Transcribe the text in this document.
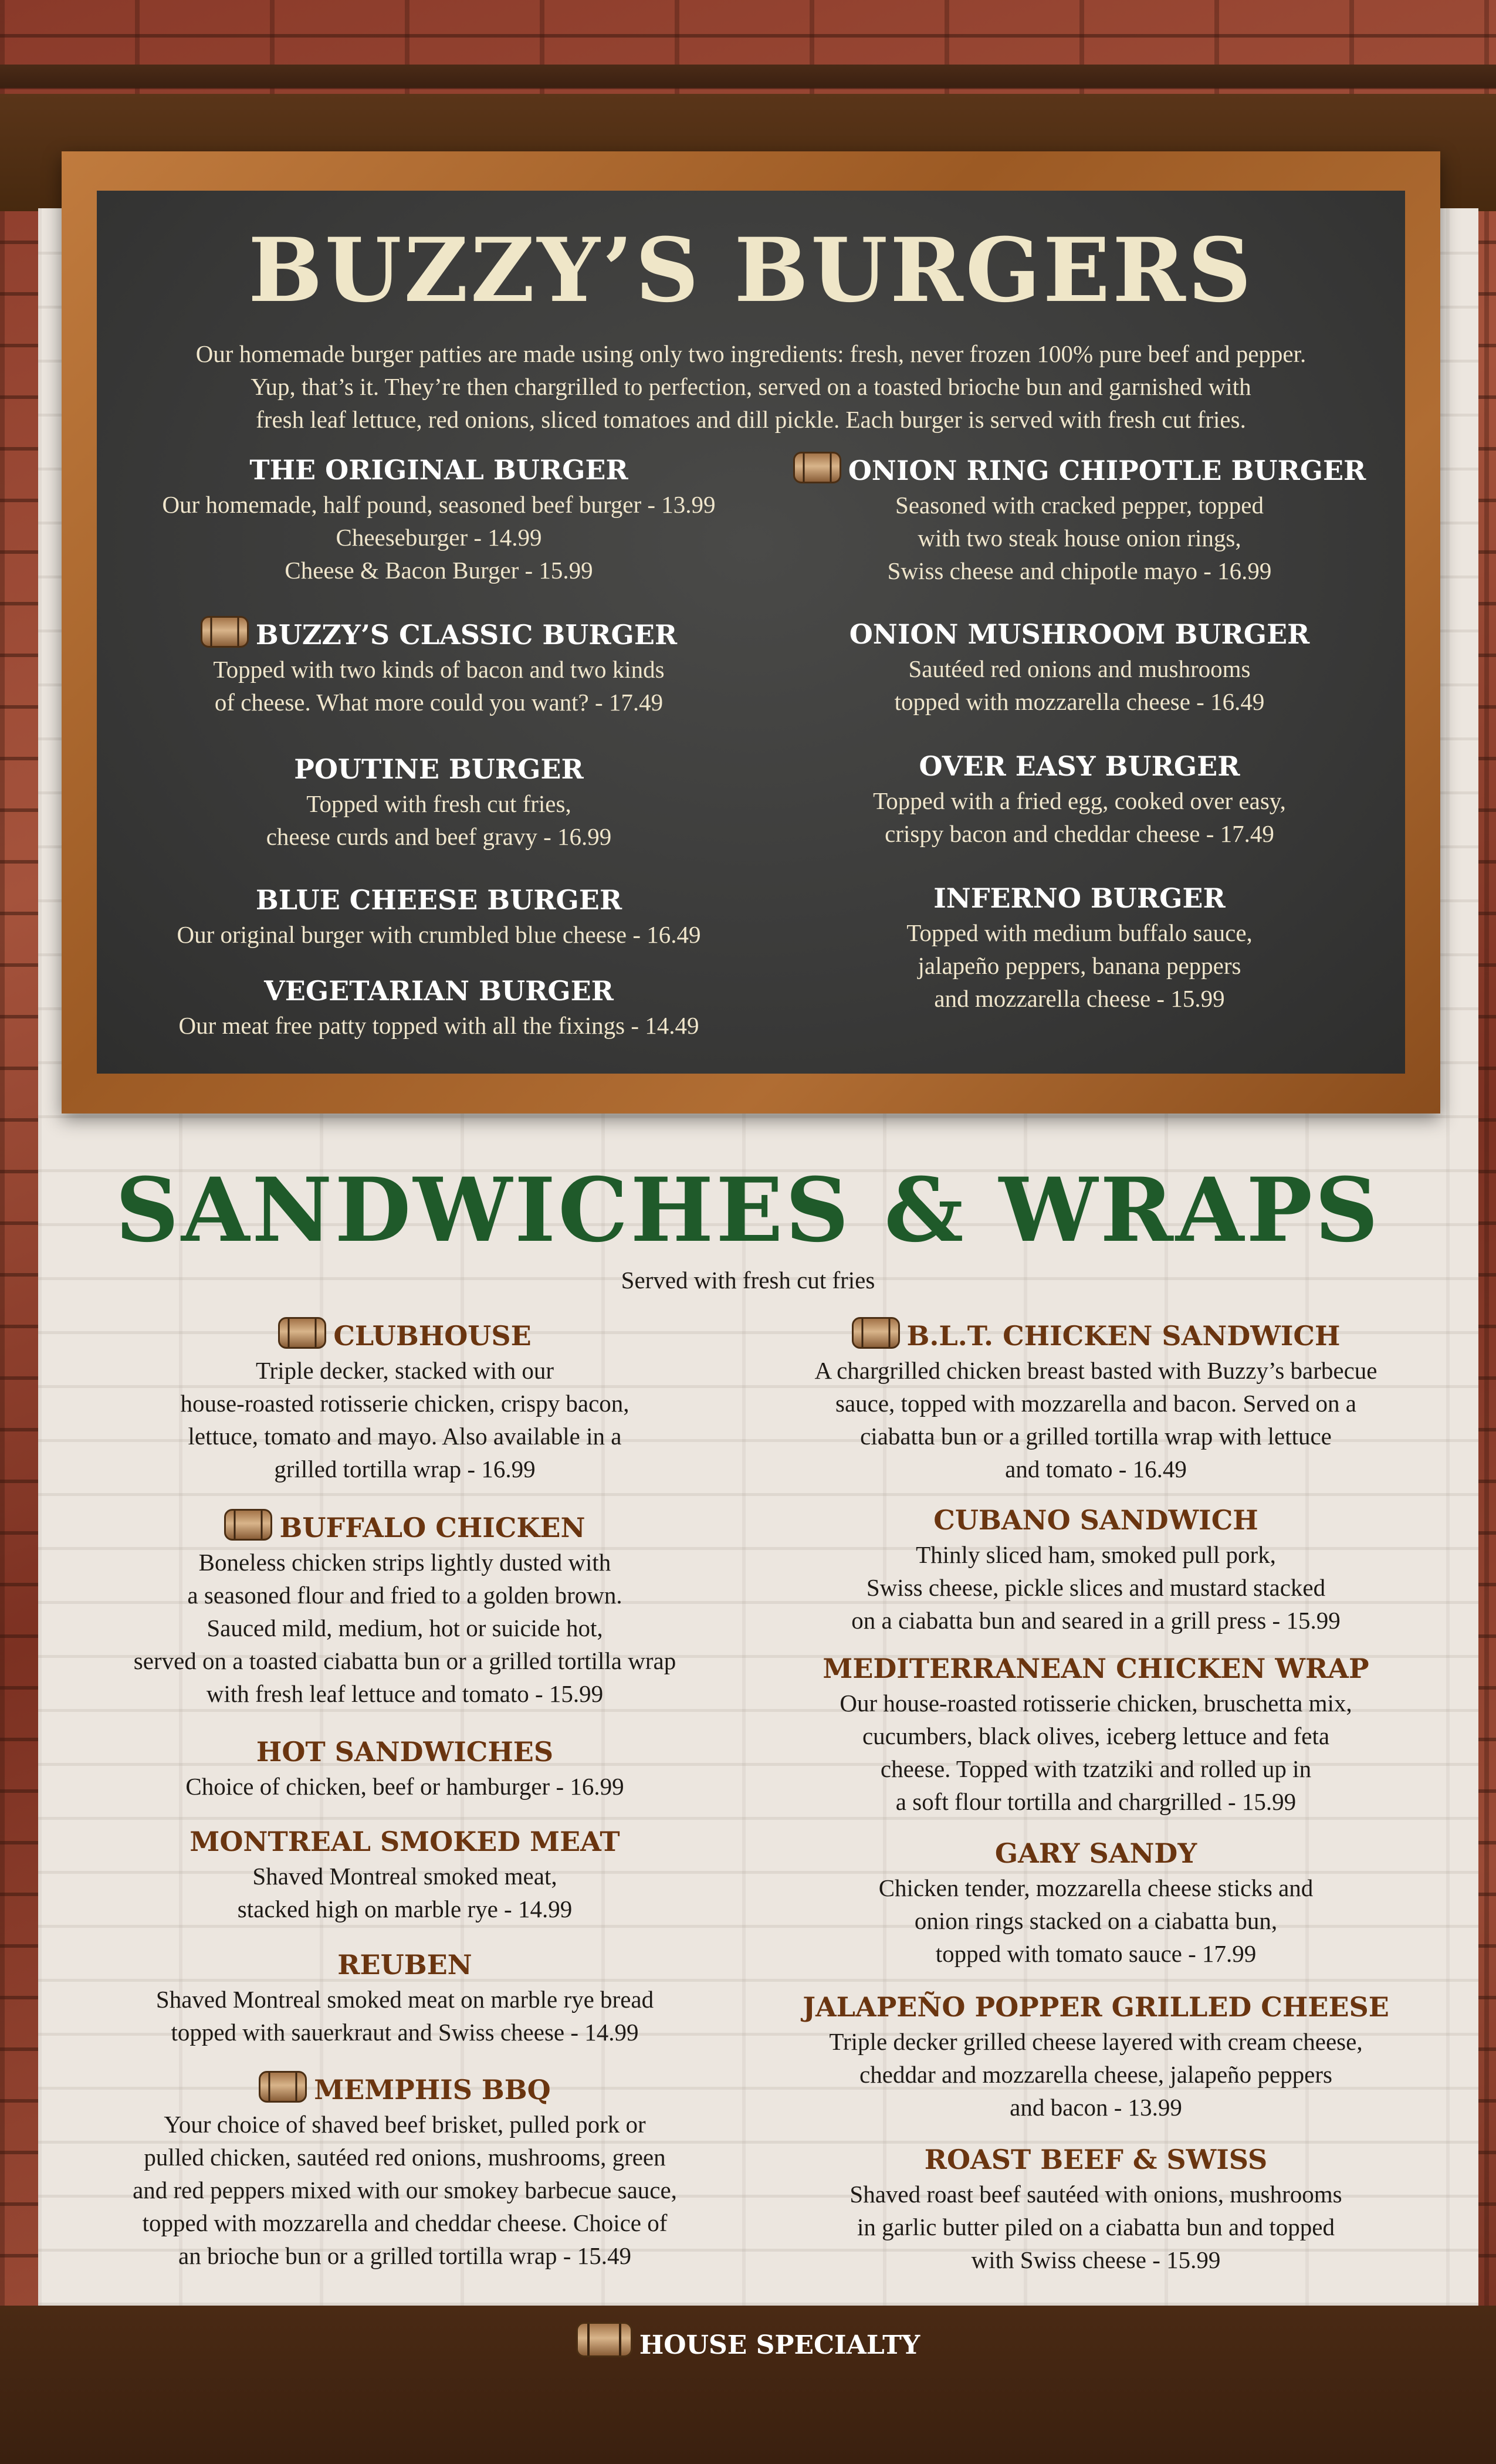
BUZZY’S BURGERS
Our homemade burger patties are made using only two ingredients: fresh, never frozen 100% pure beef and pepper.
Yup, that’s it. They’re then chargrilled to perfection, served on a toasted brioche bun and garnished with
fresh leaf lettuce, red onions, sliced tomatoes and dill pickle. Each burger is served with fresh cut fries.
THE ORIGINAL BURGER
Our homemade, half pound, seasoned beef burger - 13.99
Cheeseburger - 14.99
Cheese & Bacon Burger - 15.99
BUZZY’S CLASSIC BURGER
Topped with two kinds of bacon and two kinds
of cheese. What more could you want? - 17.49
POUTINE BURGER
Topped with fresh cut fries,
cheese curds and beef gravy - 16.99
BLUE CHEESE BURGER
Our original burger with crumbled blue cheese - 16.49
VEGETARIAN BURGER
Our meat free patty topped with all the fixings - 14.49
ONION RING CHIPOTLE BURGER
Seasoned with cracked pepper, topped
with two steak house onion rings,
Swiss cheese and chipotle mayo - 16.99
ONION MUSHROOM BURGER
Sautéed red onions and mushrooms
topped with mozzarella cheese - 16.49
OVER EASY BURGER
Topped with a fried egg, cooked over easy,
crispy bacon and cheddar cheese - 17.49
INFERNO BURGER
Topped with medium buffalo sauce,
jalapeño peppers, banana peppers
and mozzarella cheese - 15.99
SANDWICHES & WRAPS
Served with fresh cut fries
CLUBHOUSE
Triple decker, stacked with our
house-roasted rotisserie chicken, crispy bacon,
lettuce, tomato and mayo. Also available in a
grilled tortilla wrap - 16.99
BUFFALO CHICKEN
Boneless chicken strips lightly dusted with
a seasoned flour and fried to a golden brown.
Sauced mild, medium, hot or suicide hot,
served on a toasted ciabatta bun or a grilled tortilla wrap
with fresh leaf lettuce and tomato - 15.99
HOT SANDWICHES
Choice of chicken, beef or hamburger - 16.99
MONTREAL SMOKED MEAT
Shaved Montreal smoked meat,
stacked high on marble rye - 14.99
REUBEN
Shaved Montreal smoked meat on marble rye bread
topped with sauerkraut and Swiss cheese - 14.99
MEMPHIS BBQ
Your choice of shaved beef brisket, pulled pork or
pulled chicken, sautéed red onions, mushrooms, green
and red peppers mixed with our smokey barbecue sauce,
topped with mozzarella and cheddar cheese. Choice of
an brioche bun or a grilled tortilla wrap - 15.49
B.L.T. CHICKEN SANDWICH
A chargrilled chicken breast basted with Buzzy’s barbecue
sauce, topped with mozzarella and bacon. Served on a
ciabatta bun or a grilled tortilla wrap with lettuce
and tomato - 16.49
CUBANO SANDWICH
Thinly sliced ham, smoked pull pork,
Swiss cheese, pickle slices and mustard stacked
on a ciabatta bun and seared in a grill press - 15.99
MEDITERRANEAN CHICKEN WRAP
Our house-roasted rotisserie chicken, bruschetta mix,
cucumbers, black olives, iceberg lettuce and feta
cheese. Topped with tzatziki and rolled up in
a soft flour tortilla and chargrilled - 15.99
GARY SANDY
Chicken tender, mozzarella cheese sticks and
onion rings stacked on a ciabatta bun,
topped with tomato sauce - 17.99
JALAPEÑO POPPER GRILLED CHEESE
Triple decker grilled cheese layered with cream cheese,
cheddar and mozzarella cheese, jalapeño peppers
and bacon - 13.99
ROAST BEEF & SWISS
Shaved roast beef sautéed with onions, mushrooms
in garlic butter piled on a ciabatta bun and topped
with Swiss cheese - 15.99
HOUSE SPECIALTY
